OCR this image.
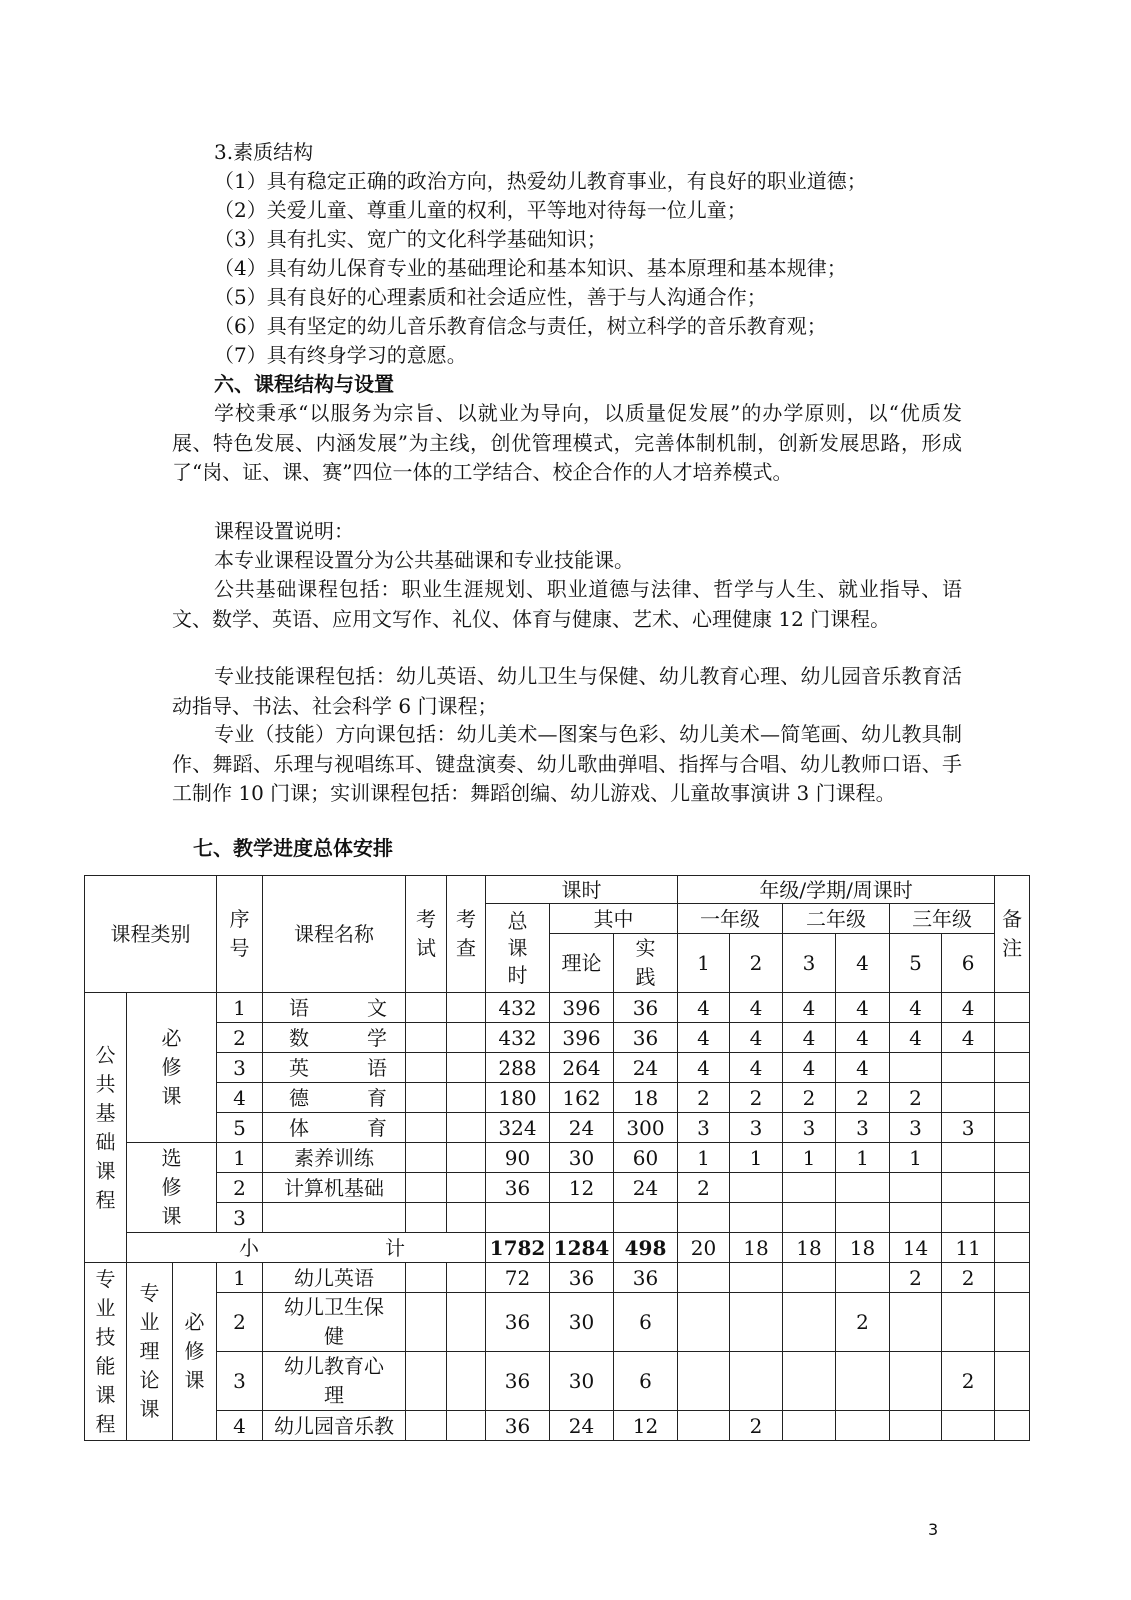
3.素质结构
（1）具有稳定正确的政治方向，热爱幼儿教育事业，有良好的职业道德；
（2）关爱儿童、尊重儿童的权利，平等地对待每一位儿童；
（3）具有扎实、宽广的文化科学基础知识；
（4）具有幼儿保育专业的基础理论和基本知识、基本原理和基本规律；
（5）具有良好的心理素质和社会适应性，善于与人沟通合作；
（6）具有坚定的幼儿音乐教育信念与责任，树立科学的音乐教育观；
（7）具有终身学习的意愿。
六、课程结构与设置

学校秉承“以服务为宗旨、以就业为导向，以质量促发展”的办学原则，以“优质发展、特色发展、内涵发展”为主线，创优管理模式，完善体制机制，创新发展思路，形成了“岗、证、课、赛”四位一体的工学结合、校企合作的人才培养模式。

课程设置说明：

本专业课程设置分为公共基础课和专业技能课。

公共基础课程包括：职业生涯规划、职业道德与法律、哲学与人生、就业指导、语文、数学、英语、应用文写作、礼仪、体育与健康、艺术、心理健康 12 门课程。

专业技能课程包括：幼儿英语、幼儿卫生与保健、幼儿教育心理、幼儿园音乐教育活动指导、书法、社会科学 6 门课程；

专业（技能）方向课包括：幼儿美术—图案与色彩、幼儿美术—简笔画、幼儿教具制作、舞蹈、乐理与视唱练耳、键盘演奏、幼儿歌曲弹唱、指挥与合唱、幼儿教师口语、手工制作 10 门课；实训课程包括：舞蹈创编、幼儿游戏、儿童故事演讲 3 门课程。

七、教学进度总体安排
课程类别			序号	课程名称	考试	考查	课时			年级/学期/周课时						备注
							总课时	其中		一年级		二年级		三年级		
								理论	实践	1	2	3	4	5	6	
公共基础课程	必修课		1	语 文			432	396	36	4	4	4	4	4	4	
			2	数 学			432	396	36	4	4	4	4	4	4	
			3	英 语			288	264	24	4	4	4	4			
			4	德 育			180	162	18	2	2	2	2	2		
			5	体 育			324	24	300	3	3	3	3	3	3	
	选修课		1	素养训练			90	30	60	1	1	1	1	1		
			2	计算机基础			36	12	24	2						
			3													

	小 计						1782	1284	498	20	18	18	18	14	11	
专业技能课程	专业理论课	必修课	1	幼儿英语			72	36	36					2	2	
			2	幼儿卫生保健			36	30	6				2			
			3	幼儿教育心理			36	30	6						2	
			4	幼儿园音乐教			36	24	12		2					
3
